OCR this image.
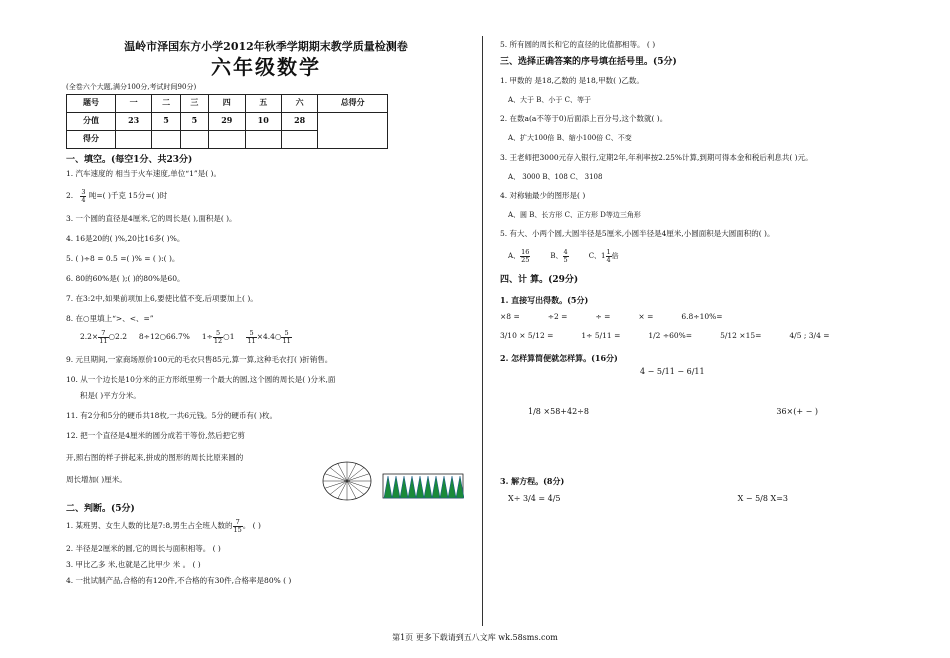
温岭市泽国东方小学2012年秋季学期期末教学质量检测卷

六年级数学

(全卷六个大题,满分100分,考试时间90分)
题号	一	二	三	四	五	六	总得分
分值	23	5	5	29	10	28	
得分							
一、填空。(每空1分、共23分)
1. 汽车速度的 相当于火车速度,单位“1”是( )。
2. $\frac{3}{4}$ 吨=( )千克 15分=( )时
3. 一个圆的直径是4厘米,它的周长是( ),面积是( )。
4. 16是20的( )%,20比16多( )%。
5. ( )÷8 = 0.5 =( )% = ( ):( )。
6. 80的60%是( );( )的80%是60。
7. 在3:2中,如果前项加上6,要使比值不变,后项要加上( )。
8. 在○里填上“>、<、=”
$2.2\times \frac{7}{11}$ ○2.2 8÷12○66.7% $1\div \frac{5}{12}$ ○1 $\frac{5}{11}$ ×4.4○ $\frac{5}{11}$
9. 元旦期间,一家商场原价100元的毛衣只售85元,算一算,这种毛衣打( )折销售。
10. 从一个边长是10分米的正方形纸里剪一个最大的圆,这个圆的周长是( )分米,面
积是( )平方分米。
11. 有2分和5分的硬币共18枚,一共6元钱。5分的硬币有( )枚。
12. 把一个直径是4厘米的圆分成若干等份,然后把它剪
开,照右图的样子拼起来,拼成的图形的周长比原来圆的
周长增加( )厘米。
二、判断。(5分)
1. 某班男、女生人数的比是7:8,男生占全班人数的 $\frac{7}{15}$ 。 ( )
2. 半径是2厘米的圆,它的周长与面积相等。 ( )
3. 甲比乙多 米,也就是乙比甲少 米 。 ( )
4. 一批试制产品,合格的有120件,不合格的有30件,合格率是80% ( )
5. 所有圆的周长和它的直径的比值都相等。 ( )
三、选择正确答案的序号填在括号里。(5分)
1. 甲数的 是18,乙数的 是18,甲数( )乙数。
A、大于 B、小于 C、等于
2. 在数a(a不等于0)后面添上百分号,这个数就( )。
A、扩大100倍 B、缩小100倍 C、不变
3. 王老师把3000元存入银行,定期2年,年利率按2.25%计算,到期可得本金和税后利息共( )元。
A、 3000 B、108 C、 3108
4. 对称轴最少的图形是( )
A、圆 B、长方形 C、正方形 D等边三角形
5. 有大、小两个圆,大圆半径是5厘米,小圆半径是4厘米,小圆面积是大圆面积的( )。
A、 $\frac{16}{25}$	B、 $\frac{4}{5}$	C、$1 \frac{1}{4}$ 倍
四、计 算。(29分)
1. 直接写出得数。(5分)
×8 =	÷2 =	÷ =	× =	6.8÷10%=
3/10 × 5/12 =	1÷ 5/11 =	1/2 ÷60%=	5/12 ×15=	4/5 ; 3/4 =
2. 怎样算简便就怎样算。(16分)
4 − 5/11 − 6/11
1/8 ×58+42÷8	36×(+ − )
3. 解方程。(8分)
X÷ 3/4 = 4/5	X − 5/8 X=3
第1页 更多下载请到五八文库 wk.58sms.com
